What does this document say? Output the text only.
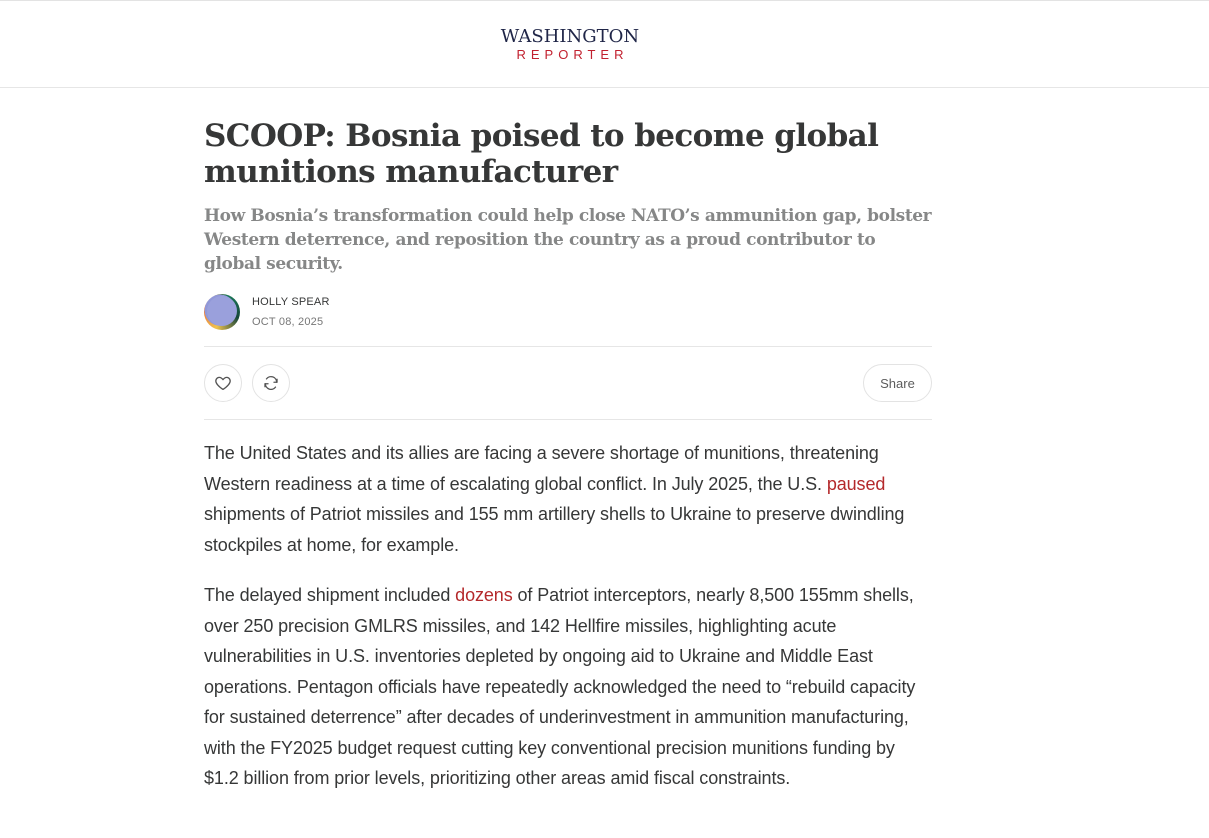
WASHINGTON
REPORTER
SCOOP: Bosnia poised to become global munitions manufacturer
How Bosnia’s transformation could help close NATO’s ammunition gap, bolster Western deterrence, and reposition the country as a proud contributor to global security.
HOLLY SPEAR
OCT 08, 2025
Share

The United States and its allies are facing a severe shortage of munitions, threatening Western readiness at a time of escalating global conflict. In July 2025, the U.S. paused shipments of Patriot missiles and 155 mm artillery shells to Ukraine to preserve dwindling stockpiles at home, for example.

The delayed shipment included dozens of Patriot interceptors, nearly 8,500 155mm shells, over 250 precision GMLRS missiles, and 142 Hellfire missiles, highlighting acute vulnerabilities in U.S. inventories depleted by ongoing aid to Ukraine and Middle East operations. Pentagon officials have repeatedly acknowledged the need to “rebuild capacity for sustained deterrence” after decades of underinvestment in ammunition manufacturing, with the FY2025 budget request cutting key conventional precision munitions funding by $1.2 billion from prior levels, prioritizing other areas amid fiscal constraints.
